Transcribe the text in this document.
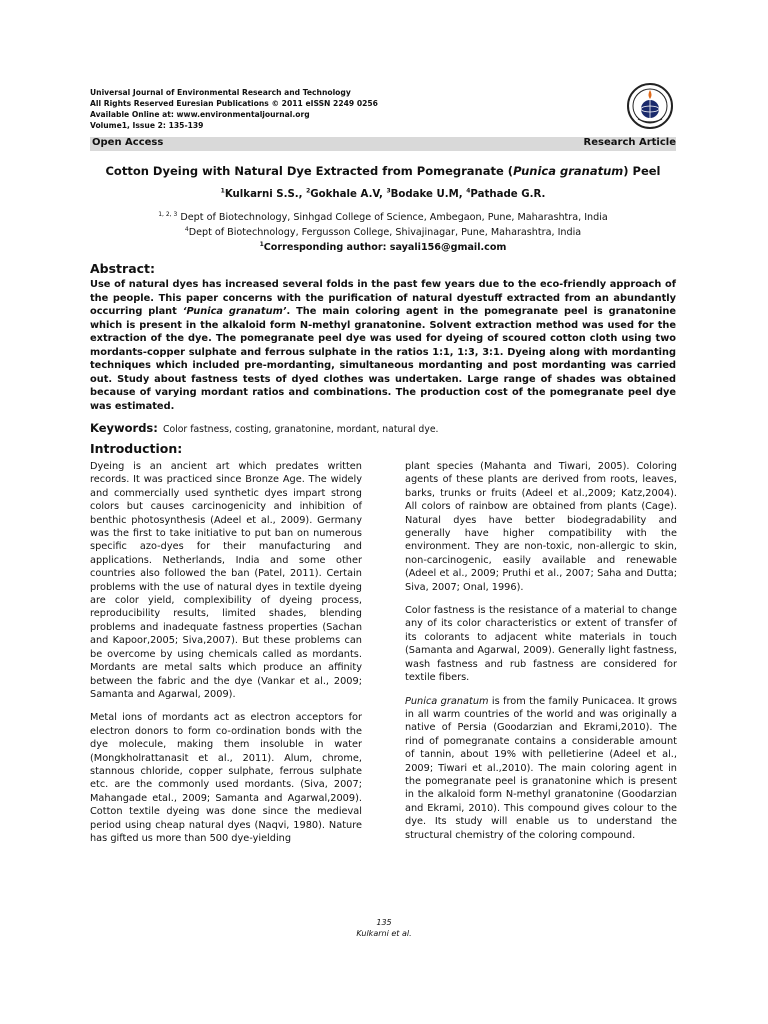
Universal Journal of Environmental Research and Technology
All Rights Reserved Euresian Publications © 2011 eISSN 2249 0256
Available Online at: www.environmentaljournal.org
Volume1, Issue 2: 135-139
Open Access	Research Article
Cotton Dyeing with Natural Dye Extracted from Pomegranate (Punica granatum) Peel
$^1$Kulkarni S.S., $^2$Gokhale A.V, $^3$Bodake U.M, $^4$Pathade G.R.
$^{1, 2, 3}$ Dept of Biotechnology, Sinhgad College of Science, Ambegaon, Pune, Maharashtra, India
$^4$Dept of Biotechnology, Fergusson College, Shivajinagar, Pune, Maharashtra, India
$^1$Corresponding author: sayali156@gmail.com
Abstract:
Use of natural dyes has increased several folds in the past few years due to the eco-friendly approach of the people. This paper concerns with the purification of natural dyestuff extracted from an abundantly occurring plant ‘Punica granatum’. The main coloring agent in the pomegranate peel is granatonine which is present in the alkaloid form N-methyl granatonine. Solvent extraction method was used for the extraction of the dye. The pomegranate peel dye was used for dyeing of scoured cotton cloth using two mordants-copper sulphate and ferrous sulphate in the ratios 1:1, 1:3, 3:1. Dyeing along with mordanting techniques which included pre-mordanting, simultaneous mordanting and post mordanting was carried out. Study about fastness tests of dyed clothes was undertaken. Large range of shades was obtained because of varying mordant ratios and combinations. The production cost of the pomegranate peel dye was estimated.
Keywords: Color fastness, costing, granatonine, mordant, natural dye.
Introduction:

Dyeing is an ancient art which predates written records. It was practiced since Bronze Age. The widely and commercially used synthetic dyes impart strong colors but causes carcinogenicity and inhibition of benthic photosynthesis (Adeel et al., 2009). Germany was the first to take initiative to put ban on numerous specific azo-dyes for their manufacturing and applications. Netherlands, India and some other countries also followed the ban (Patel, 2011). Certain problems with the use of natural dyes in textile dyeing are color yield, complexibility of dyeing process, reproducibility results, limited shades, blending problems and inadequate fastness properties (Sachan and Kapoor,2005; Siva,2007). But these problems can be overcome by using chemicals called as mordants. Mordants are metal salts which produce an affinity between the fabric and the dye (Vankar et al., 2009; Samanta and Agarwal, 2009).

Metal ions of mordants act as electron acceptors for electron donors to form co-ordination bonds with the dye molecule, making them insoluble in water (Mongkholrattanasit et al., 2011). Alum, chrome, stannous chloride, copper sulphate, ferrous sulphate etc. are the commonly used mordants. (Siva, 2007; Mahangade etal., 2009; Samanta and Agarwal,2009). Cotton textile dyeing was done since the medieval period using cheap natural dyes (Naqvi, 1980). Nature has gifted us more than 500 dye-yielding

plant species (Mahanta and Tiwari, 2005). Coloring agents of these plants are derived from roots, leaves, barks, trunks or fruits (Adeel et al.,2009; Katz,2004). All colors of rainbow are obtained from plants (Cage). Natural dyes have better biodegradability and generally have higher compatibility with the environment. They are non-toxic, non-allergic to skin, non-carcinogenic, easily available and renewable (Adeel et al., 2009; Pruthi et al., 2007; Saha and Dutta; Siva, 2007; Onal, 1996).

Color fastness is the resistance of a material to change any of its color characteristics or extent of transfer of its colorants to adjacent white materials in touch (Samanta and Agarwal, 2009). Generally light fastness, wash fastness and rub fastness are considered for textile fibers.

Punica granatum is from the family Punicacea. It grows in all warm countries of the world and was originally a native of Persia (Goodarzian and Ekrami,2010). The rind of pomegranate contains a considerable amount of tannin, about 19% with pelletierine (Adeel et al., 2009; Tiwari et al.,2010). The main coloring agent in the pomegranate peel is granatonine which is present in the alkaloid form N-methyl granatonine (Goodarzian and Ekrami, 2010). This compound gives colour to the dye. Its study will enable us to understand the structural chemistry of the coloring compound.

135
Kulkarni et al.
